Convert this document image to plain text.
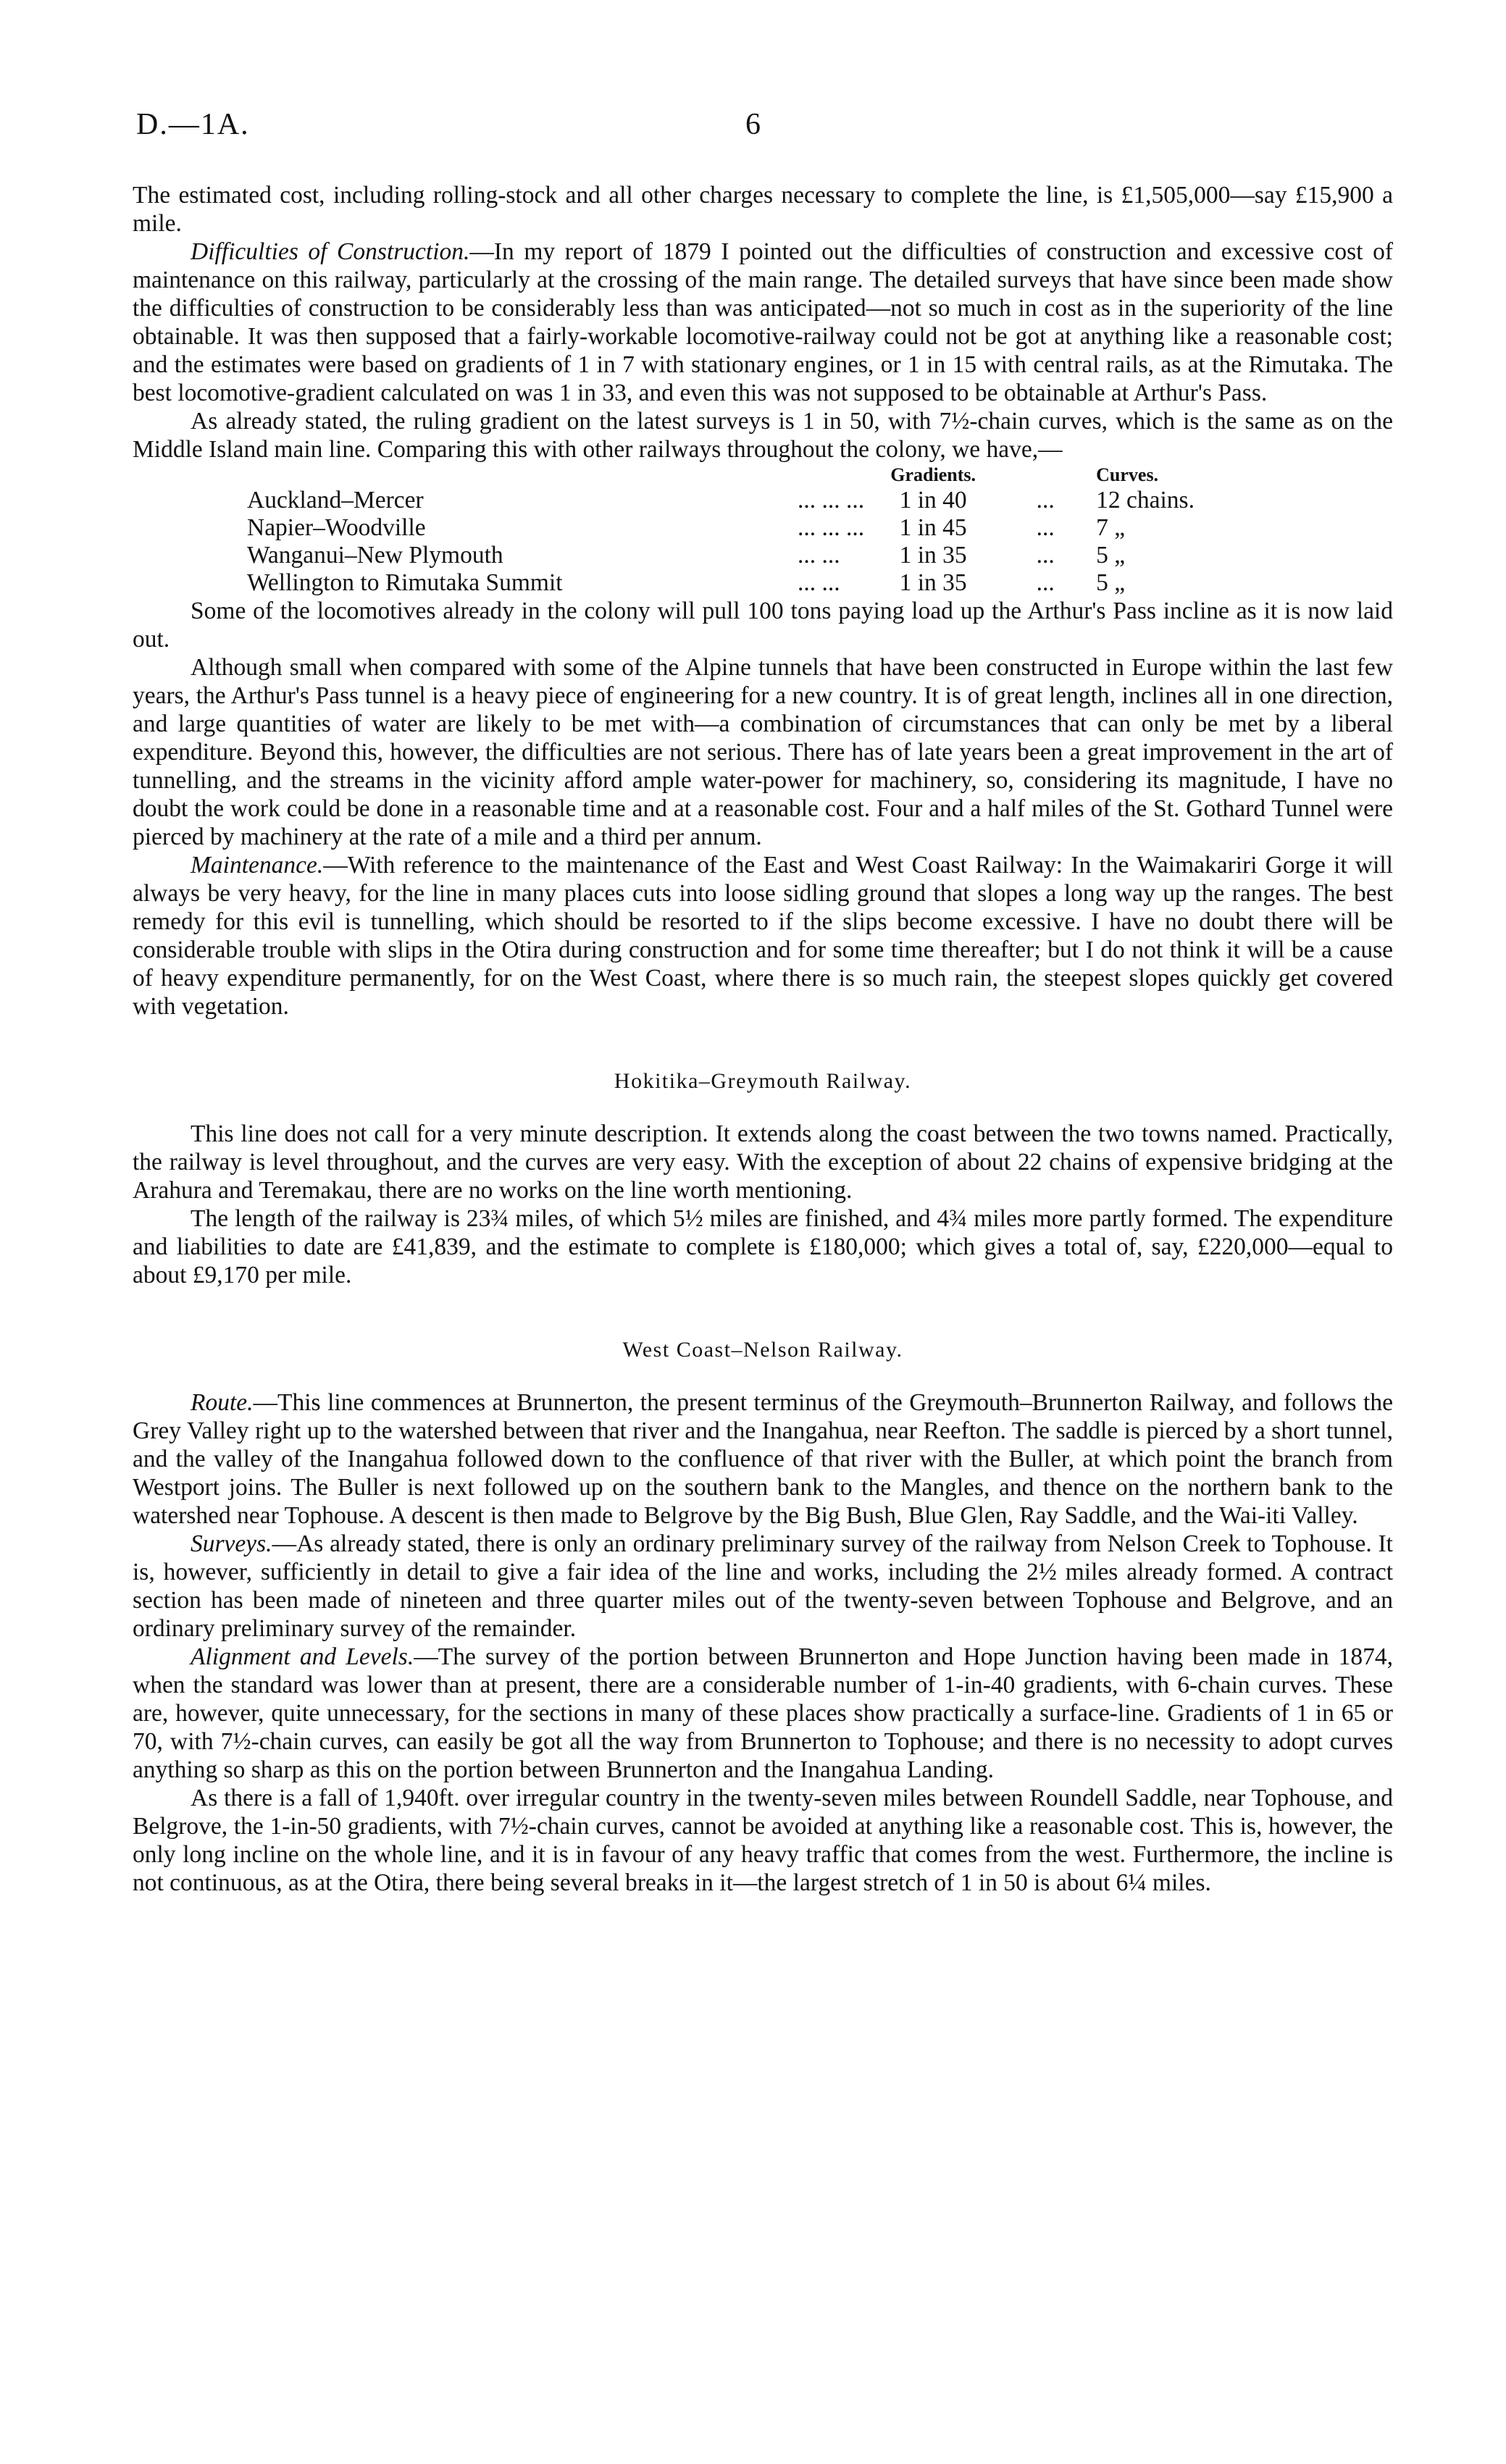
D.—1A.	6

The estimated cost, including rolling-stock and all other charges necessary to complete the line, is £1,505,000—say £15,900 a mile.

Difficulties of Construction.—In my report of 1879 I pointed out the difficulties of construction and excessive cost of maintenance on this railway, particularly at the crossing of the main range. The detailed surveys that have since been made show the difficulties of construction to be considerably less than was anticipated—not so much in cost as in the superiority of the line obtainable. It was then supposed that a fairly-workable locomotive-railway could not be got at anything like a reasonable cost; and the estimates were based on gradients of 1 in 7 with stationary engines, or 1 in 15 with central rails, as at the Rimutaka. The best locomotive-gradient calculated on was 1 in 33, and even this was not supposed to be obtainable at Arthur's Pass.

As already stated, the ruling gradient on the latest surveys is 1 in 50, with 7½-chain curves, which is the same as on the Middle Island main line. Comparing this with other railways throughout the colony, we have,—

		Gradients.		Curves.
Auckland–Mercer	... ... ...	1 in 40	...	12 chains.
Napier–Woodville	... ... ...	1 in 45	...	7 „
Wanganui–New Plymouth	... ...	1 in 35	...	5 „
Wellington to Rimutaka Summit	... ...	1 in 35	...	5 „

Some of the locomotives already in the colony will pull 100 tons paying load up the Arthur's Pass incline as it is now laid out.

Although small when compared with some of the Alpine tunnels that have been constructed in Europe within the last few years, the Arthur's Pass tunnel is a heavy piece of engineering for a new country. It is of great length, inclines all in one direction, and large quantities of water are likely to be met with—a combination of circumstances that can only be met by a liberal expenditure. Beyond this, however, the difficulties are not serious. There has of late years been a great improvement in the art of tunnelling, and the streams in the vicinity afford ample water-power for machinery, so, considering its magnitude, I have no doubt the work could be done in a reasonable time and at a reasonable cost. Four and a half miles of the St. Gothard Tunnel were pierced by machinery at the rate of a mile and a third per annum.

Maintenance.—With reference to the maintenance of the East and West Coast Railway: In the Waimakariri Gorge it will always be very heavy, for the line in many places cuts into loose sidling ground that slopes a long way up the ranges. The best remedy for this evil is tunnelling, which should be resorted to if the slips become excessive. I have no doubt there will be considerable trouble with slips in the Otira during construction and for some time thereafter; but I do not think it will be a cause of heavy expenditure permanently, for on the West Coast, where there is so much rain, the steepest slopes quickly get covered with vegetation.

Hokitika–Greymouth Railway.

This line does not call for a very minute description. It extends along the coast between the two towns named. Practically, the railway is level throughout, and the curves are very easy. With the exception of about 22 chains of expensive bridging at the Arahura and Teremakau, there are no works on the line worth mentioning.

The length of the railway is 23¾ miles, of which 5½ miles are finished, and 4¾ miles more partly formed. The expenditure and liabilities to date are £41,839, and the estimate to complete is £180,000; which gives a total of, say, £220,000—equal to about £9,170 per mile.

West Coast–Nelson Railway.

Route.—This line commences at Brunnerton, the present terminus of the Greymouth–Brunnerton Railway, and follows the Grey Valley right up to the watershed between that river and the Inangahua, near Reefton. The saddle is pierced by a short tunnel, and the valley of the Inangahua followed down to the confluence of that river with the Buller, at which point the branch from Westport joins. The Buller is next followed up on the southern bank to the Mangles, and thence on the northern bank to the watershed near Tophouse. A descent is then made to Belgrove by the Big Bush, Blue Glen, Ray Saddle, and the Wai-iti Valley.

Surveys.—As already stated, there is only an ordinary preliminary survey of the railway from Nelson Creek to Tophouse. It is, however, sufficiently in detail to give a fair idea of the line and works, including the 2½ miles already formed. A contract section has been made of nineteen and three quarter miles out of the twenty-seven between Tophouse and Belgrove, and an ordinary preliminary survey of the remainder.

Alignment and Levels.—The survey of the portion between Brunnerton and Hope Junction having been made in 1874, when the standard was lower than at present, there are a considerable number of 1-in-40 gradients, with 6-chain curves. These are, however, quite unnecessary, for the sections in many of these places show practically a surface-line. Gradients of 1 in 65 or 70, with 7½-chain curves, can easily be got all the way from Brunnerton to Tophouse; and there is no necessity to adopt curves anything so sharp as this on the portion between Brunnerton and the Inangahua Landing.

As there is a fall of 1,940ft. over irregular country in the twenty-seven miles between Roundell Saddle, near Tophouse, and Belgrove, the 1-in-50 gradients, with 7½-chain curves, cannot be avoided at anything like a reasonable cost. This is, however, the only long incline on the whole line, and it is in favour of any heavy traffic that comes from the west. Furthermore, the incline is not continuous, as at the Otira, there being several breaks in it—the largest stretch of 1 in 50 is about 6¼ miles.
